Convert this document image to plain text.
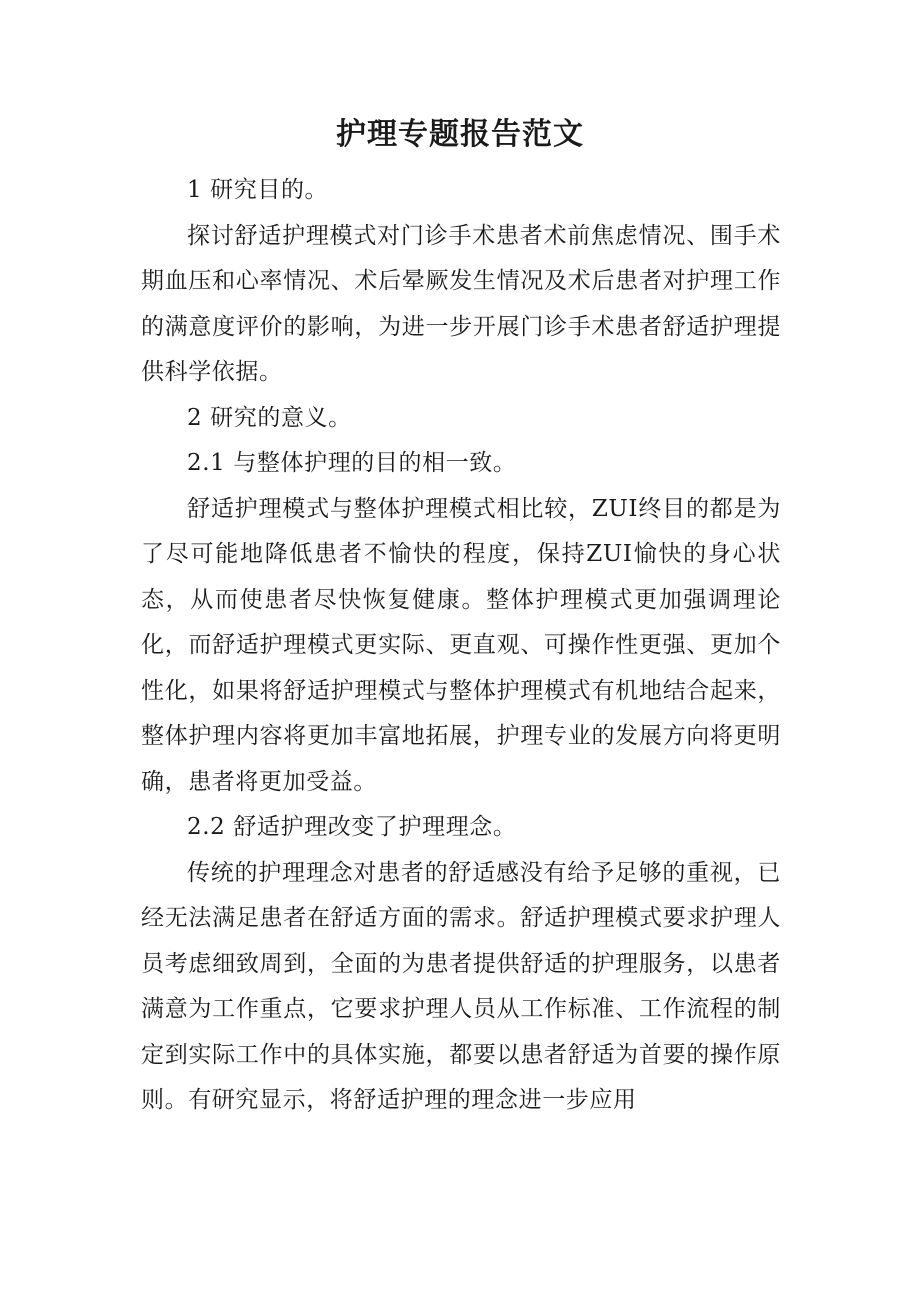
护理专题报告范文

1 研究目的。

探讨舒适护理模式对门诊手术患者术前焦虑情况、围手术期血压和心率情况、术后晕厥发生情况及术后患者对护理工作的满意度评价的影响，为进一步开展门诊手术患者舒适护理提供科学依据。

2 研究的意义。

2.1 与整体护理的目的相一致。

舒适护理模式与整体护理模式相比较，ZUI终目的都是为了尽可能地降低患者不愉快的程度，保持ZUI愉快的身心状态，从而使患者尽快恢复健康。整体护理模式更加强调理论化，而舒适护理模式更实际、更直观、可操作性更强、更加个性化，如果将舒适护理模式与整体护理模式有机地结合起来，整体护理内容将更加丰富地拓展，护理专业的发展方向将更明确，患者将更加受益。

2.2 舒适护理改变了护理理念。

传统的护理理念对患者的舒适感没有给予足够的重视，已经无法满足患者在舒适方面的需求。舒适护理模式要求护理人员考虑细致周到，全面的为患者提供舒适的护理服务，以患者满意为工作重点，它要求护理人员从工作标准、工作流程的制定到实际工作中的具体实施，都要以患者舒适为首要的操作原则。有研究显示，将舒适护理的理念进一步应用
